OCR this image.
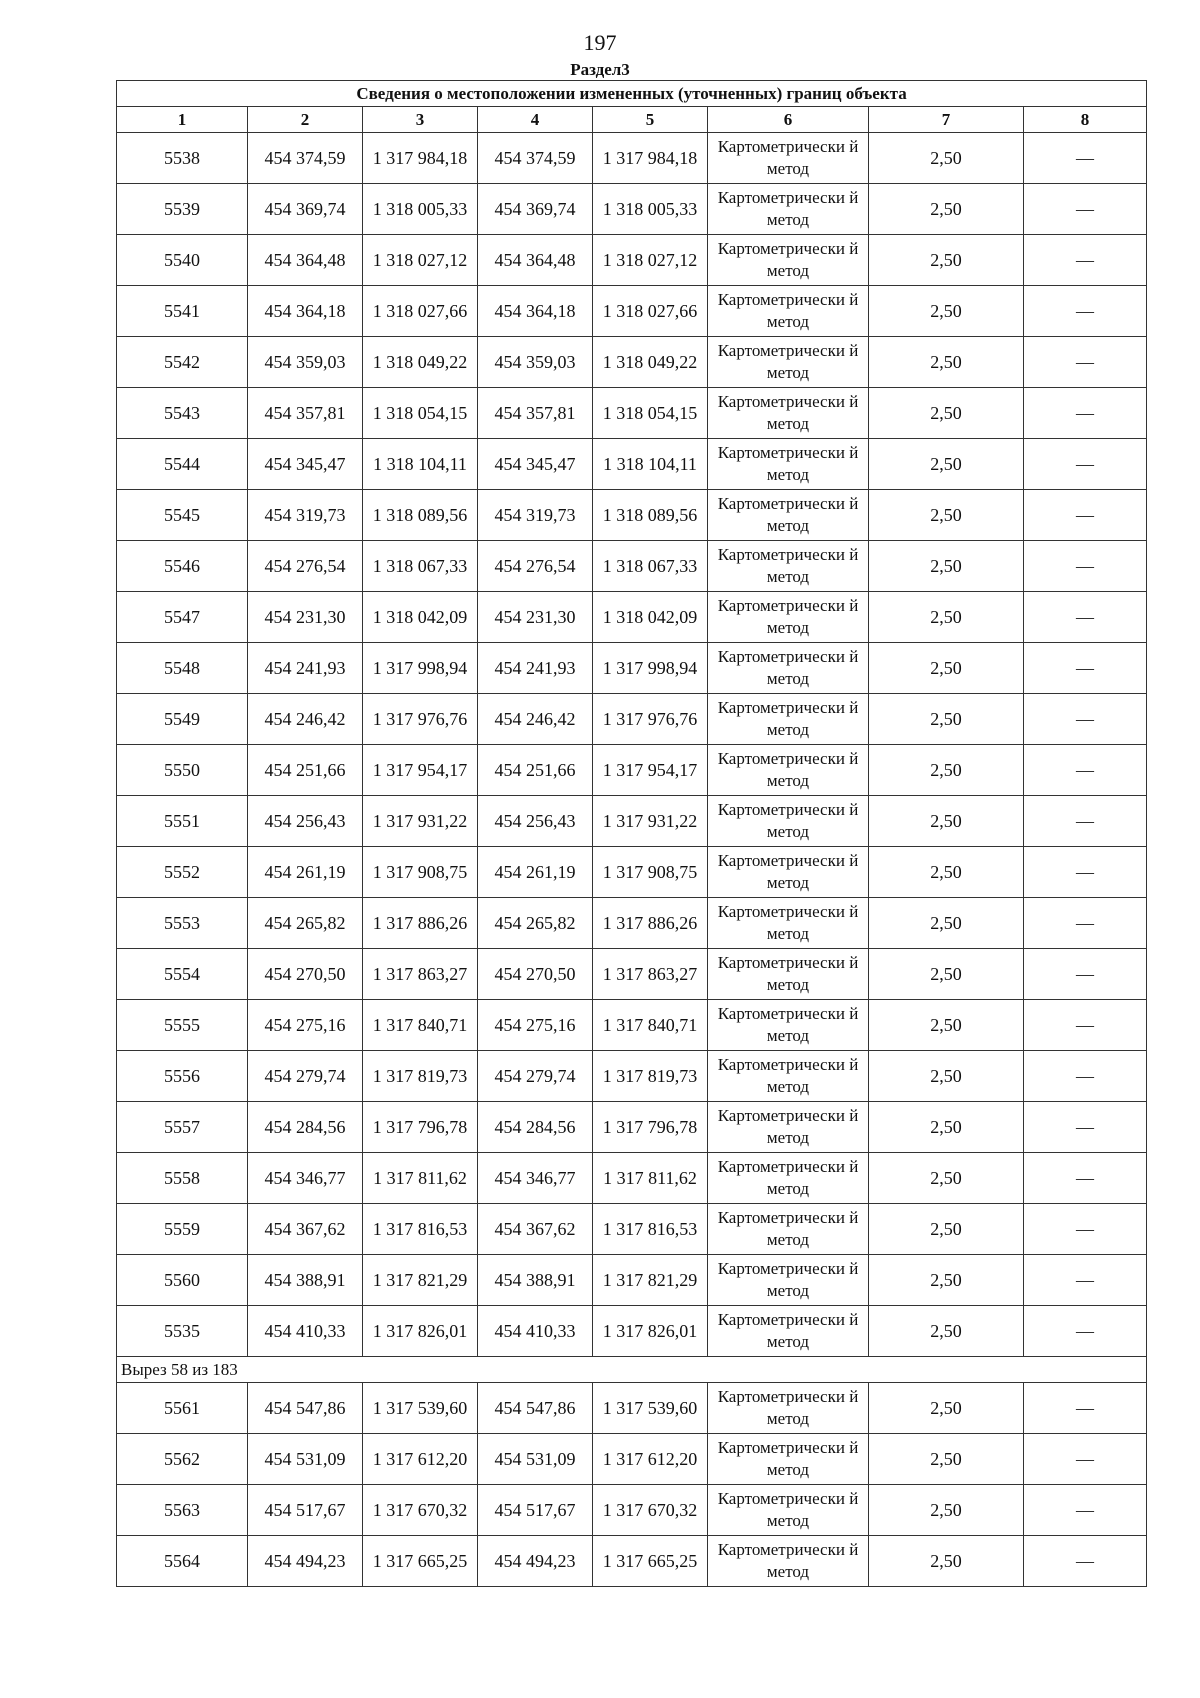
197
Раздел3
Сведения о местоположении измененных (уточненных) границ объекта							
1	2	3	4	5	6	7	8
5538	454 374,59	1 317 984,18	454 374,59	1 317 984,18	Картометрически й метод	2,50	—
5539	454 369,74	1 318 005,33	454 369,74	1 318 005,33	Картометрически й метод	2,50	—
5540	454 364,48	1 318 027,12	454 364,48	1 318 027,12	Картометрически й метод	2,50	—
5541	454 364,18	1 318 027,66	454 364,18	1 318 027,66	Картометрически й метод	2,50	—
5542	454 359,03	1 318 049,22	454 359,03	1 318 049,22	Картометрически й метод	2,50	—
5543	454 357,81	1 318 054,15	454 357,81	1 318 054,15	Картометрически й метод	2,50	—
5544	454 345,47	1 318 104,11	454 345,47	1 318 104,11	Картометрически й метод	2,50	—
5545	454 319,73	1 318 089,56	454 319,73	1 318 089,56	Картометрически й метод	2,50	—
5546	454 276,54	1 318 067,33	454 276,54	1 318 067,33	Картометрически й метод	2,50	—
5547	454 231,30	1 318 042,09	454 231,30	1 318 042,09	Картометрически й метод	2,50	—
5548	454 241,93	1 317 998,94	454 241,93	1 317 998,94	Картометрически й метод	2,50	—
5549	454 246,42	1 317 976,76	454 246,42	1 317 976,76	Картометрически й метод	2,50	—
5550	454 251,66	1 317 954,17	454 251,66	1 317 954,17	Картометрически й метод	2,50	—
5551	454 256,43	1 317 931,22	454 256,43	1 317 931,22	Картометрически й метод	2,50	—
5552	454 261,19	1 317 908,75	454 261,19	1 317 908,75	Картометрически й метод	2,50	—
5553	454 265,82	1 317 886,26	454 265,82	1 317 886,26	Картометрически й метод	2,50	—
5554	454 270,50	1 317 863,27	454 270,50	1 317 863,27	Картометрически й метод	2,50	—
5555	454 275,16	1 317 840,71	454 275,16	1 317 840,71	Картометрически й метод	2,50	—
5556	454 279,74	1 317 819,73	454 279,74	1 317 819,73	Картометрически й метод	2,50	—
5557	454 284,56	1 317 796,78	454 284,56	1 317 796,78	Картометрически й метод	2,50	—
5558	454 346,77	1 317 811,62	454 346,77	1 317 811,62	Картометрически й метод	2,50	—
5559	454 367,62	1 317 816,53	454 367,62	1 317 816,53	Картометрически й метод	2,50	—
5560	454 388,91	1 317 821,29	454 388,91	1 317 821,29	Картометрически й метод	2,50	—
5535	454 410,33	1 317 826,01	454 410,33	1 317 826,01	Картометрически й метод	2,50	—
Вырез 58 из 183							
5561	454 547,86	1 317 539,60	454 547,86	1 317 539,60	Картометрически й метод	2,50	—
5562	454 531,09	1 317 612,20	454 531,09	1 317 612,20	Картометрически й метод	2,50	—
5563	454 517,67	1 317 670,32	454 517,67	1 317 670,32	Картометрически й метод	2,50	—
5564	454 494,23	1 317 665,25	454 494,23	1 317 665,25	Картометрически й метод	2,50	—
